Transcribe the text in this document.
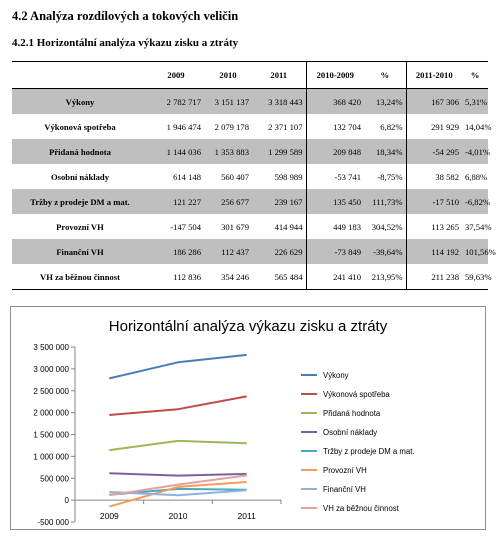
4.2 Analýza rozdílových a tokových veličin
4.2.1 Horizontální analýza výkazu zisku a ztráty
	2009	2010	2011	2010-2009	%	2011-2010	%
Výkony	2 782 717	3 151 137	3 318 443	368 420	13,24%	167 306	5,31%
Výkonová spotřeba	1 946 474	2 079 178	2 371 107	132 704	6,82%	291 929	14,04%
Přidaná hodnota	1 144 036	1 353 883	1 299 589	209 848	18,34%	-54 295	-4,01%
Osobní náklady	614 148	560 407	598 989	-53 741	-8,75%	38 582	6,88%
Tržby z prodeje DM a mat.	121 227	256 677	239 167	135 450	111,73%	-17 510	-6,82%
Provozní VH	-147 504	301 679	414 944	449 183	304,52%	113 265	37,54%
Finanční VH	186 286	112 437	226 629	-73 849	-39,64%	114 192	101,56%
VH za běžnou činnost	112 836	354 246	565 484	241 410	213,95%	211 238	59,63%
Horizontální analýza výkazu zisku a ztráty
-500 000
0
500 000
1 000 000
1 500 000
2 000 000
2 500 000
3 000 000
3 500 000
2009	2010	2011
Výkony
Výkonová spotřeba
Přidaná hodnota
Osobní náklady
Tržby z prodeje DM a mat.
Provozní VH
Finanční VH
VH za běžnou činnost
